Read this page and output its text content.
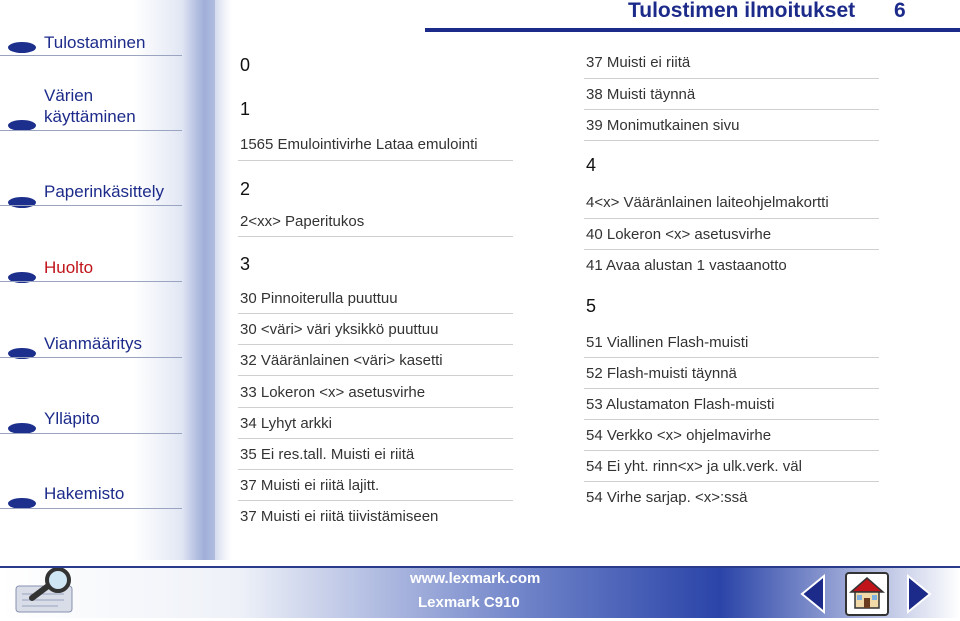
Tulostaminen
Värien käyttäminen
Paperinkäsittely
Huolto
Vianmääritys
Ylläpito
Hakemisto
Tulostimen ilmoitukset 6
0
1
1565 Emulointivirhe Lataa emulointi
2
2<xx> Paperitukos
3
30 Pinnoiterulla puuttuu
30 <väri> väri yksikkö puuttuu
32 Vääränlainen <väri> kasetti
33 Lokeron <x> asetusvirhe
34 Lyhyt arkki
35 Ei res.tall. Muisti ei riitä
37 Muisti ei riitä lajitt.
37 Muisti ei riitä tiivistämiseen
37 Muisti ei riitä
38 Muisti täynnä
39 Monimutkainen sivu
4
4<x> Vääränlainen laiteohjelmakortti
40 Lokeron <x> asetusvirhe
41 Avaa alustan 1 vastaanotto
5
51 Viallinen Flash-muisti
52 Flash-muisti täynnä
53 Alustamaton Flash-muisti
54 Verkko <x> ohjelmavirhe
54 Ei yht. rinn<x> ja ulk.verk. väl
54 Virhe sarjap. <x>:ssä
www.lexmark.com
Lexmark C910
